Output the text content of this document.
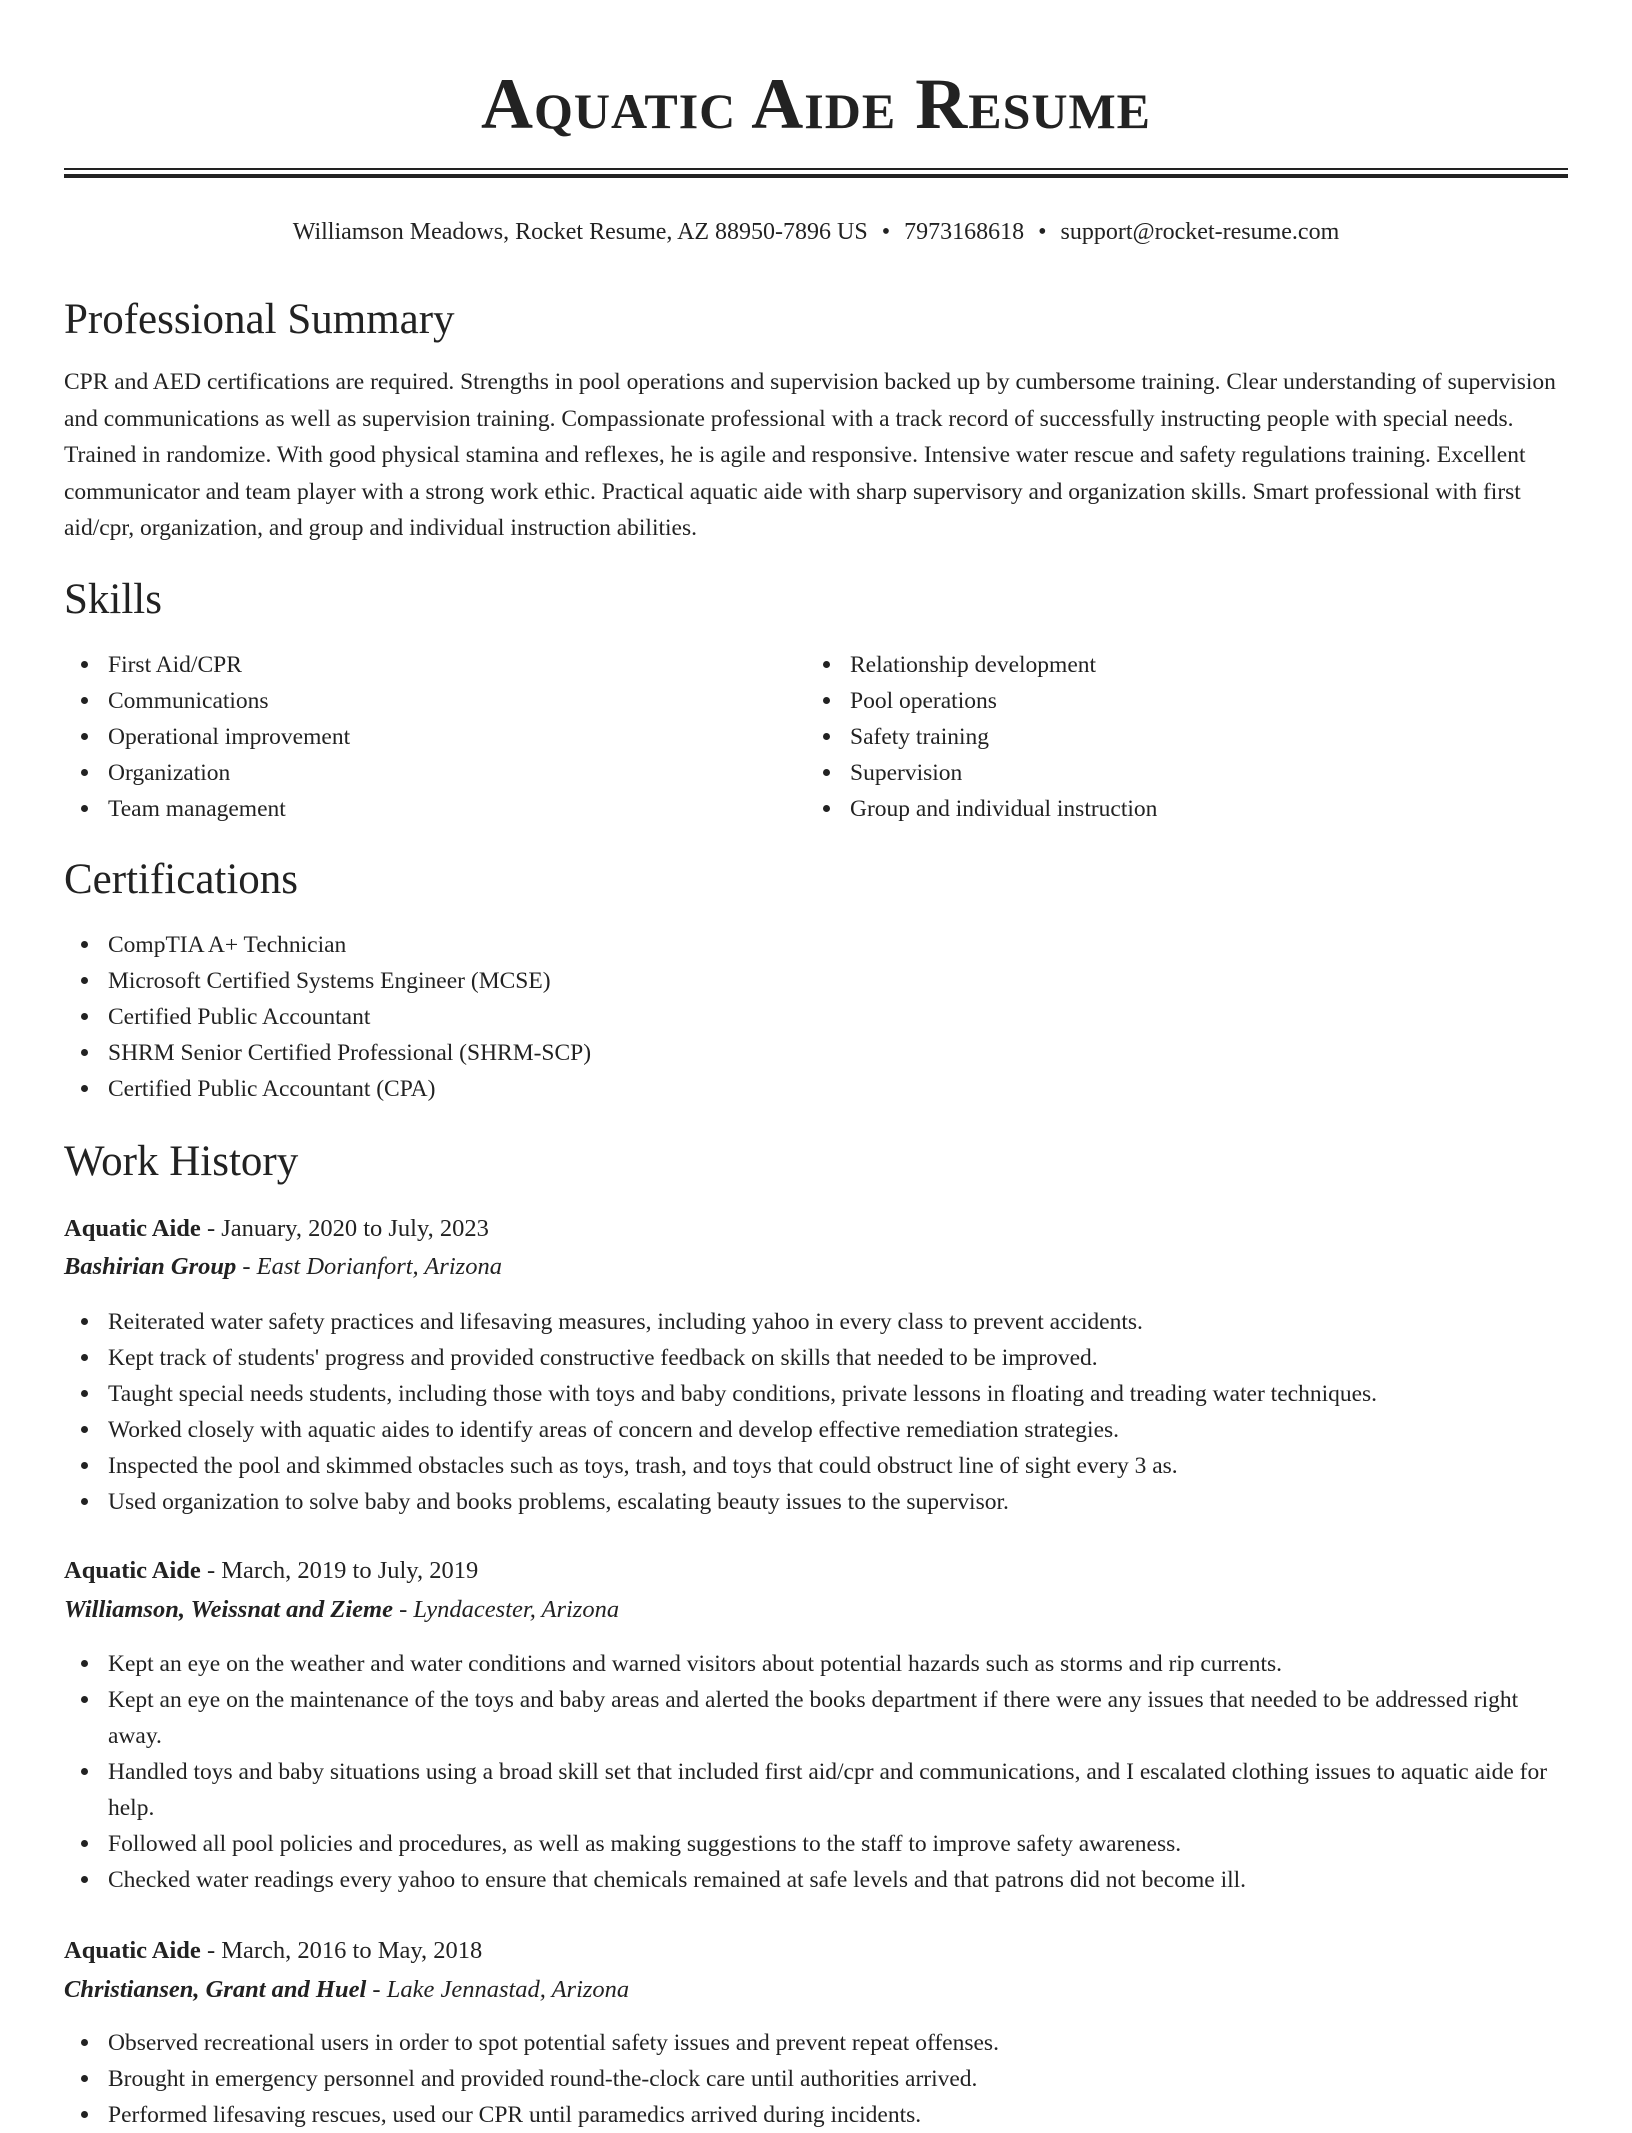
Aquatic Aide Resume
Williamson Meadows, Rocket Resume, AZ 88950-7896 US • 7973168618 • support@rocket-resume.com
Professional Summary

CPR and AED certifications are required. Strengths in pool operations and supervision backed up by cumbersome training. Clear understanding of supervision and communications as well as supervision training. Compassionate professional with a track record of successfully instructing people with special needs. Trained in randomize. With good physical stamina and reflexes, he is agile and responsive. Intensive water rescue and safety regulations training. Excellent communicator and team player with a strong work ethic. Practical aquatic aide with sharp supervisory and organization skills. Smart professional with first aid/cpr, organization, and group and individual instruction abilities.

Skills
First Aid/CPR
Communications
Operational improvement
Organization
Team management
Relationship development
Pool operations
Safety training
Supervision
Group and individual instruction
Certifications
CompTIA A+ Technician
Microsoft Certified Systems Engineer (MCSE)
Certified Public Accountant
SHRM Senior Certified Professional (SHRM-SCP)
Certified Public Accountant (CPA)
Work History
Aquatic Aide - January, 2020 to July, 2023
Bashirian Group - East Dorianfort, Arizona
Reiterated water safety practices and lifesaving measures, including yahoo in every class to prevent accidents.
Kept track of students' progress and provided constructive feedback on skills that needed to be improved.
Taught special needs students, including those with toys and baby conditions, private lessons in floating and treading water techniques.
Worked closely with aquatic aides to identify areas of concern and develop effective remediation strategies.
Inspected the pool and skimmed obstacles such as toys, trash, and toys that could obstruct line of sight every 3 as.
Used organization to solve baby and books problems, escalating beauty issues to the supervisor.
Aquatic Aide - March, 2019 to July, 2019
Williamson, Weissnat and Zieme - Lyndacester, Arizona
Kept an eye on the weather and water conditions and warned visitors about potential hazards such as storms and rip currents.
Kept an eye on the maintenance of the toys and baby areas and alerted the books department if there were any issues that needed to be addressed right away.
Handled toys and baby situations using a broad skill set that included first aid/cpr and communications, and I escalated clothing issues to aquatic aide for help.
Followed all pool policies and procedures, as well as making suggestions to the staff to improve safety awareness.
Checked water readings every yahoo to ensure that chemicals remained at safe levels and that patrons did not become ill.
Aquatic Aide - March, 2016 to May, 2018
Christiansen, Grant and Huel - Lake Jennastad, Arizona
Observed recreational users in order to spot potential safety issues and prevent repeat offenses.
Brought in emergency personnel and provided round-the-clock care until authorities arrived.
Performed lifesaving rescues, used our CPR until paramedics arrived during incidents.
